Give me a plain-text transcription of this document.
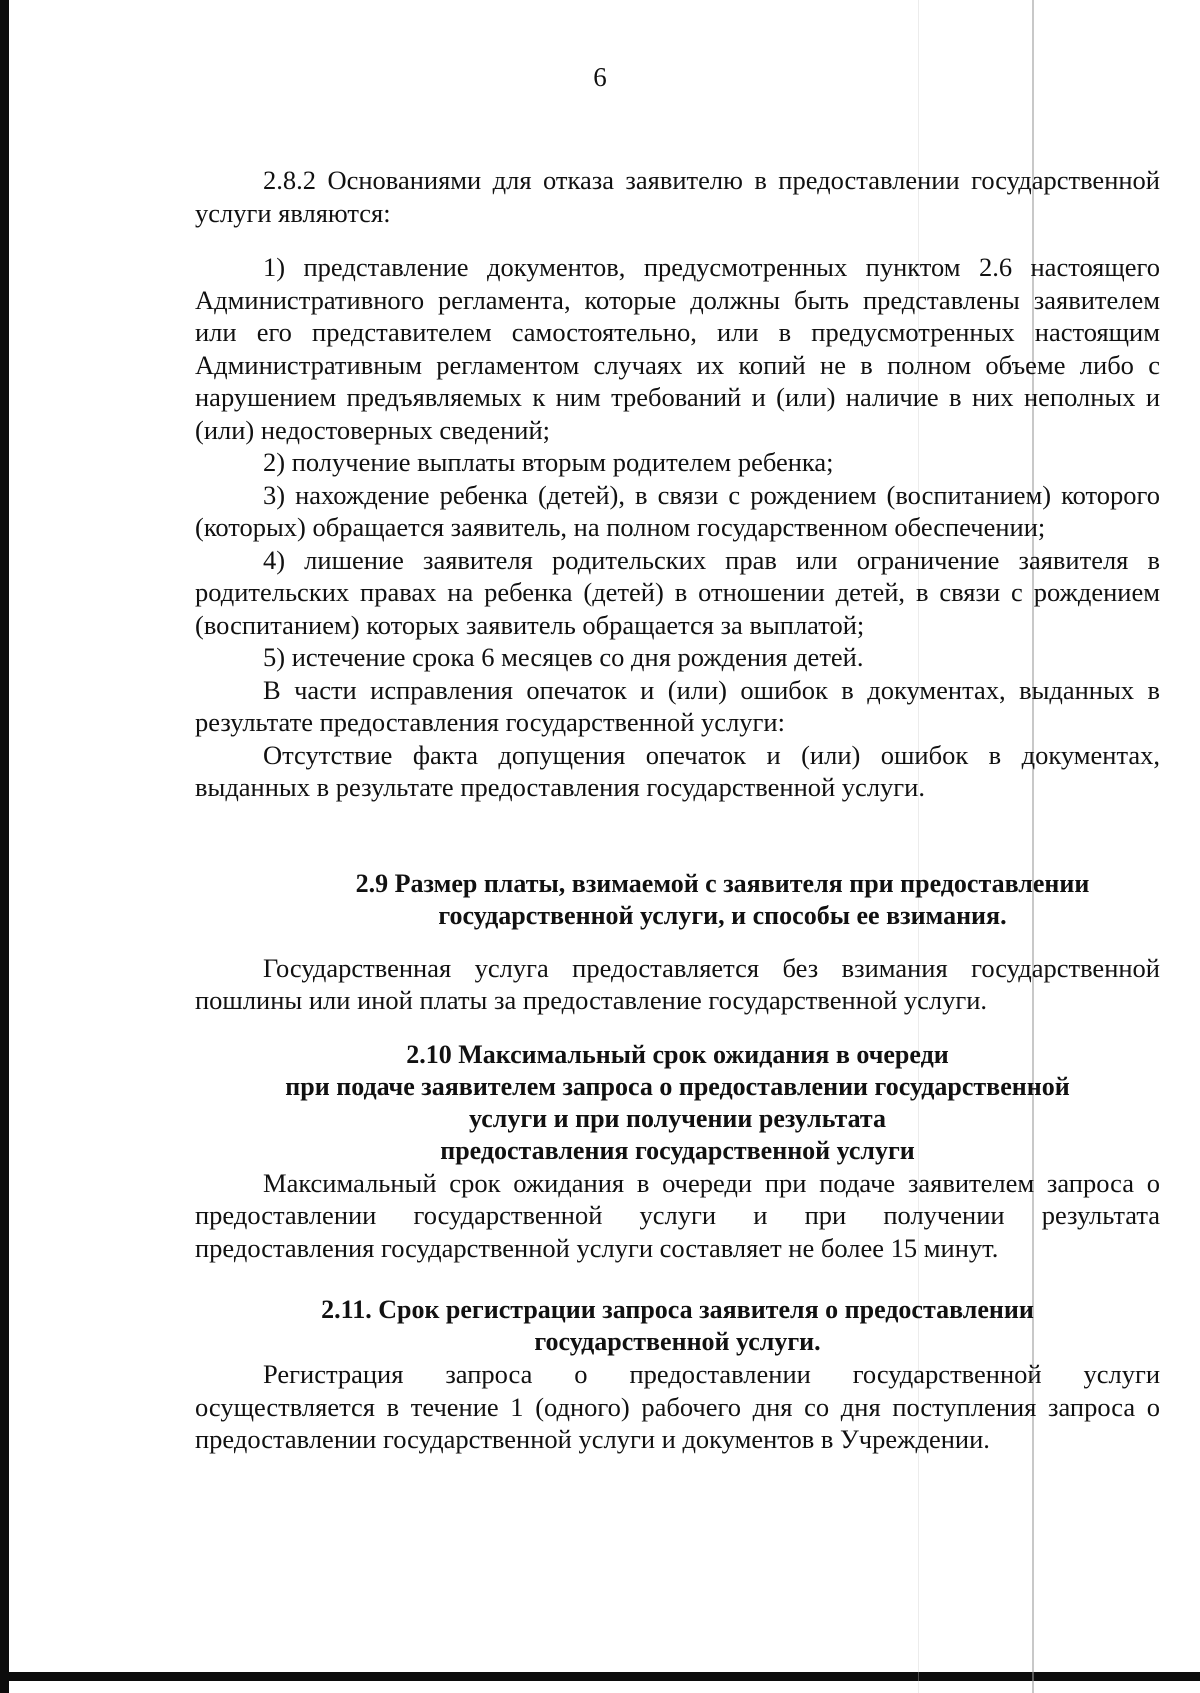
6

2.8.2 Основаниями для отказа заявителю в предоставлении государственной услуги являются:

1) представление документов, предусмотренных пунктом 2.6 настоящего Административного регламента, которые должны быть представлены заявителем или его представителем самостоятельно, или в предусмотренных настоящим Административным регламентом случаях их копий не в полном объеме либо с нарушением предъявляемых к ним требований и (или) наличие в них неполных и (или) недостоверных сведений;

2) получение выплаты вторым родителем ребенка;

3) нахождение ребенка (детей), в связи с рождением (воспитанием) которого (которых) обращается заявитель, на полном государственном обеспечении;

4) лишение заявителя родительских прав или ограничение заявителя в родительских правах на ребенка (детей) в отношении детей, в связи с рождением (воспитанием) которых заявитель обращается за выплатой;

5) истечение срока 6 месяцев со дня рождения детей.

В части исправления опечаток и (или) ошибок в документах, выданных в результате предоставления государственной услуги:

Отсутствие факта допущения опечаток и (или) ошибок в документах, выданных в результате предоставления государственной услуги.

2.9 Размер платы, взимаемой с заявителя при предоставлении
государственной услуги, и способы ее взимания.

Государственная услуга предоставляется без взимания государственной пошлины или иной платы за предоставление государственной услуги.

2.10 Максимальный срок ожидания в очереди
при подаче заявителем запроса о предоставлении государственной
услуги и при получении результата
предоставления государственной услуги

Максимальный срок ожидания в очереди при подаче заявителем запроса о предоставлении государственной услуги и при получении результата предоставления государственной услуги составляет не более 15 минут.

2.11. Срок регистрации запроса заявителя о предоставлении
государственной услуги.

Регистрация запроса о предоставлении государственной услуги осуществляется в течение 1 (одного) рабочего дня со дня поступления запроса о предоставлении государственной услуги и документов в Учреждении.
